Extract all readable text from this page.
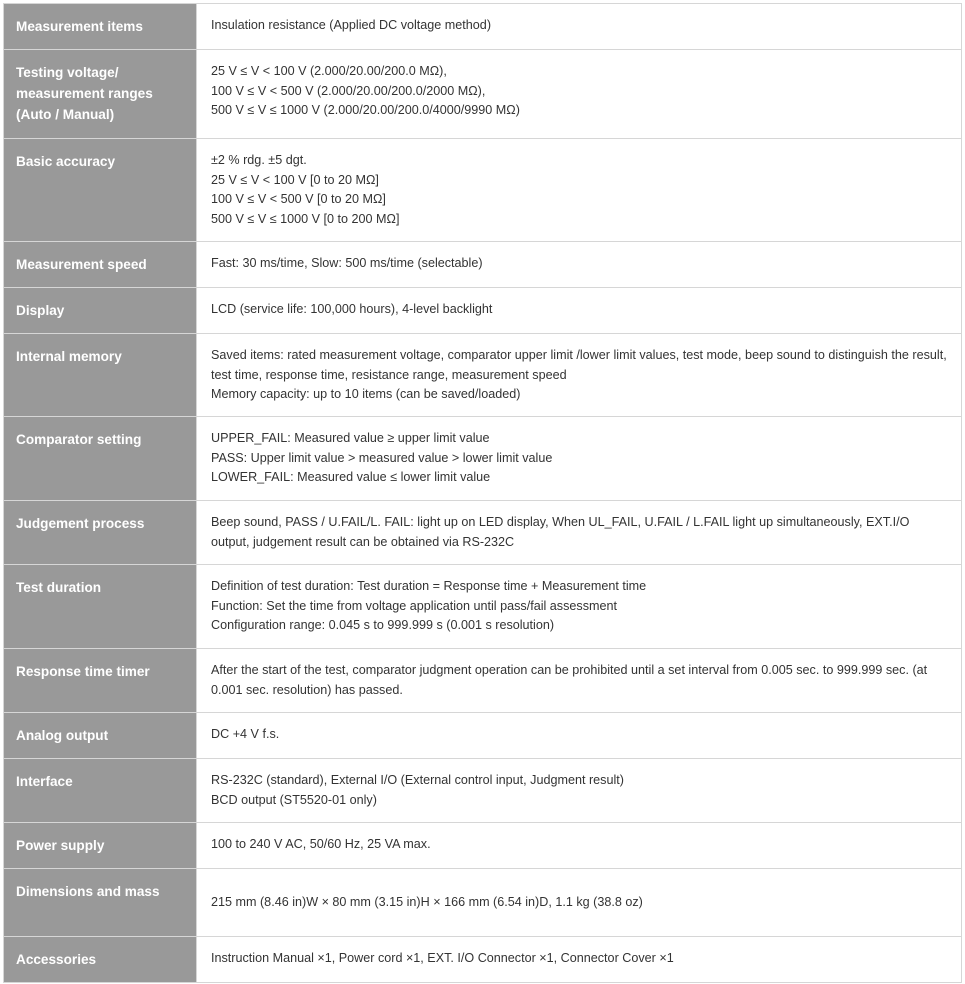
Measurement items	Insulation resistance (Applied DC voltage method)

Testing voltage/ measurement ranges (Auto / Manual)	25 V ≤ V < 100 V (2.000/20.00/200.0 MΩ),
100 V ≤ V < 500 V (2.000/20.00/200.0/2000 MΩ),
500 V ≤ V ≤ 1000 V (2.000/20.00/200.0/4000/9990 MΩ)

Basic accuracy	±2 % rdg. ±5 dgt.
25 V ≤ V < 100 V [0 to 20 MΩ]
100 V ≤ V < 500 V [0 to 20 MΩ]
500 V ≤ V ≤ 1000 V [0 to 200 MΩ]

Measurement speed	Fast: 30 ms/time, Slow: 500 ms/time (selectable)

Display	LCD (service life: 100,000 hours), 4-level backlight

Internal memory	Saved items: rated measurement voltage, comparator upper limit /lower limit values, test mode, beep sound to distinguish the result, test time, response time, resistance range, measurement speed
Memory capacity: up to 10 items (can be saved/loaded)

Comparator setting	UPPER_FAIL: Measured value ≥ upper limit value
PASS: Upper limit value > measured value > lower limit value
LOWER_FAIL: Measured value ≤ lower limit value

Judgement process	Beep sound, PASS / U.FAIL/L. FAIL: light up on LED display, When UL_FAIL, U.FAIL / L.FAIL light up simultaneously, EXT.I/O output, judgement result can be obtained via RS-232C

Test duration	Definition of test duration: Test duration = Response time + Measurement time
Function: Set the time from voltage application until pass/fail assessment
Configuration range: 0.045 s to 999.999 s (0.001 s resolution)

Response time timer	After the start of the test, comparator judgment operation can be prohibited until a set interval from 0.005 sec. to 999.999 sec. (at 0.001 sec. resolution) has passed.

Analog output	DC +4 V f.s.

Interface	RS-232C (standard), External I/O (External control input, Judgment result)
BCD output (ST5520-01 only)

Power supply	100 to 240 V AC, 50/60 Hz, 25 VA max.

Dimensions and mass	215 mm (8.46 in)W × 80 mm (3.15 in)H × 166 mm (6.54 in)D, 1.1 kg (38.8 oz)

Accessories	Instruction Manual ×1, Power cord ×1, EXT. I/O Connector ×1, Connector Cover ×1
